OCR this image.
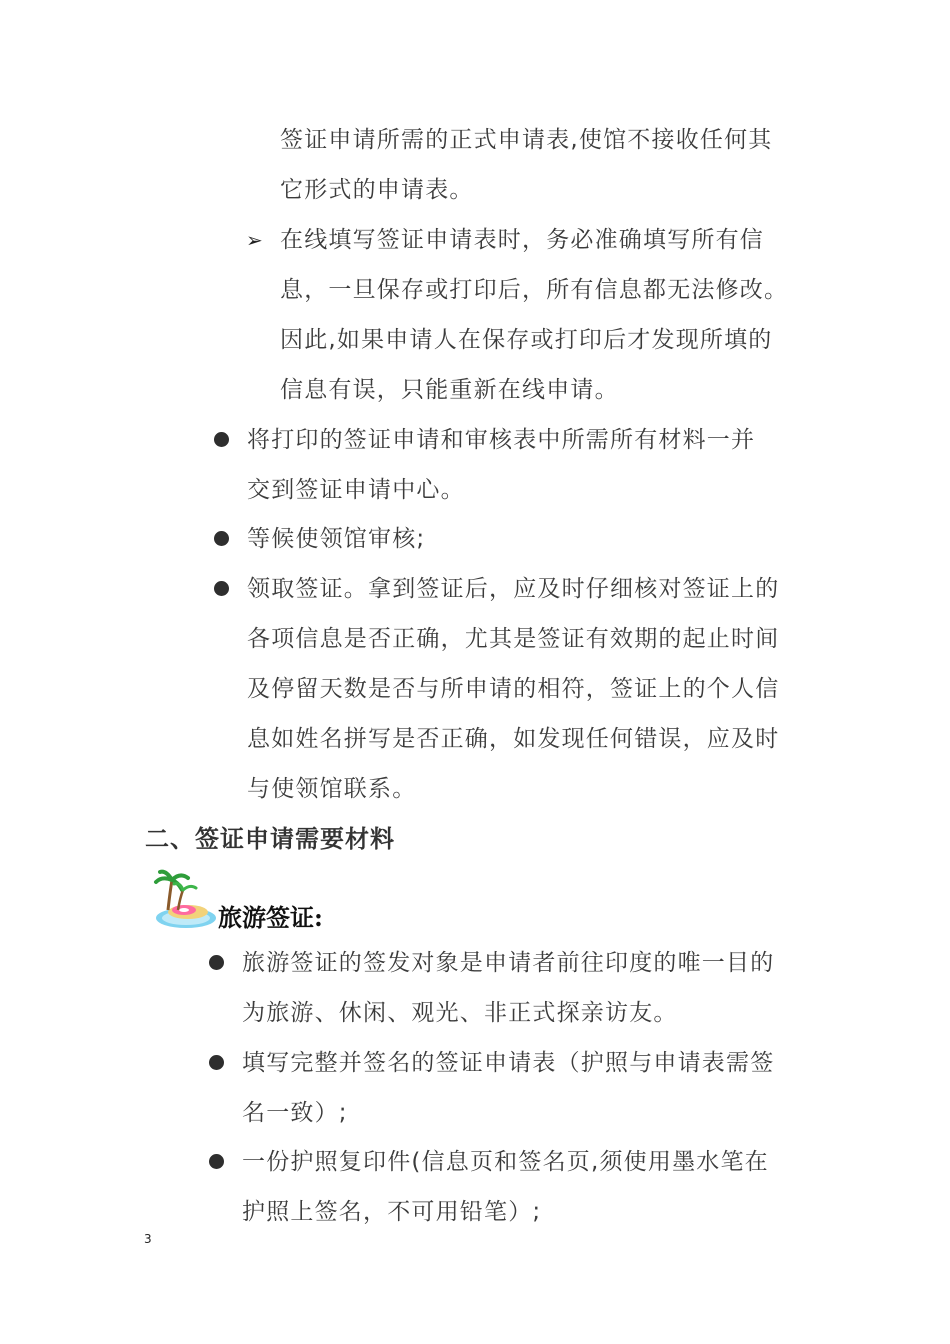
签证申请所需的正式申请表,使馆不接收任何其
它形式的申请表。
➢ 在线填写签证申请表时，务必准确填写所有信
息，一旦保存或打印后，所有信息都无法修改。
因此,如果申请人在保存或打印后才发现所填的
信息有误，只能重新在线申请。
将打印的签证申请和审核表中所需所有材料一并
交到签证申请中心。
等候使领馆审核;
领取签证。拿到签证后，应及时仔细核对签证上的
各项信息是否正确，尤其是签证有效期的起止时间
及停留天数是否与所申请的相符，签证上的个人信
息如姓名拼写是否正确，如发现任何错误，应及时
与使领馆联系。
二、签证申请需要材料
旅游签证:
旅游签证的签发对象是申请者前往印度的唯一目的
为旅游、休闲、观光、非正式探亲访友。
填写完整并签名的签证申请表（护照与申请表需签
名一致）;
一份护照复印件(信息页和签名页,须使用墨水笔在
护照上签名，不可用铅笔）;
3
